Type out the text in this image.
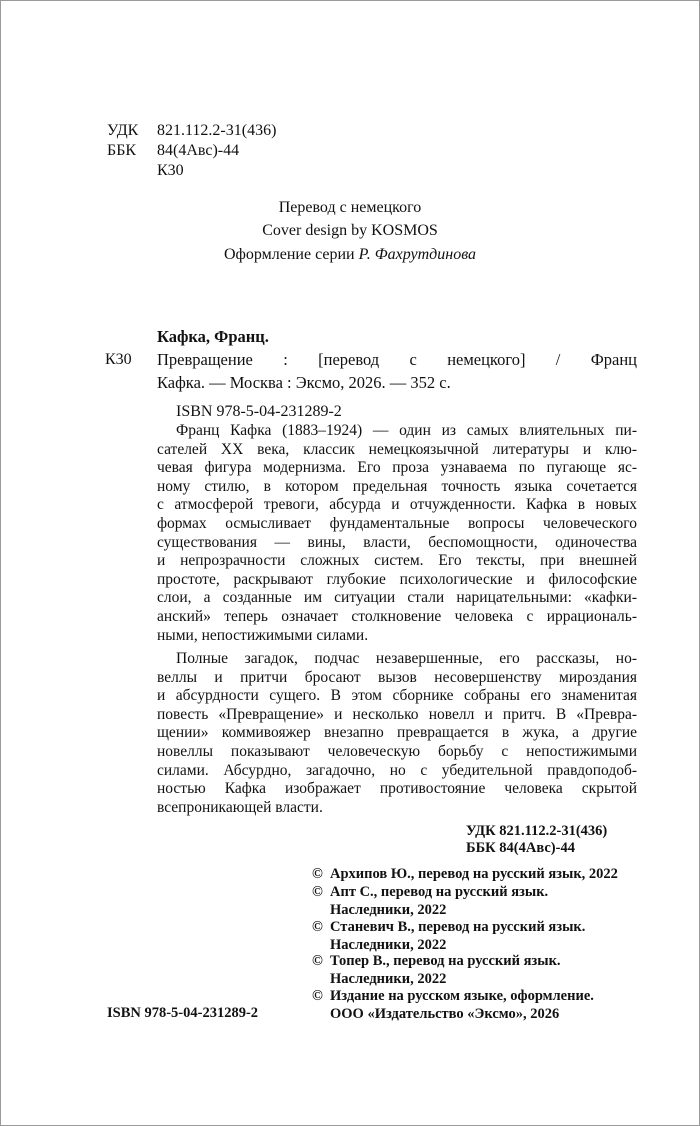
УДК 821.112.2-31(436)
ББК 84(4Авс)-44
К30
Перевод с немецкого
Cover design by KOSMOS
Оформление серии Р. Фахрутдинова
Кафка, Франц.
К30 Превращение : [перевод с немецкого] / Франц
Кафка. — Москва : Эксмо, 2026. — 352 с.
ISBN 978-5-04-231289-2
Франц Кафка (1883–1924) — один из самых влиятельных пи-
сателей XX века, классик немецкоязычной литературы и клю-
чевая фигура модернизма. Его проза узнаваема по пугающе яс-
ному стилю, в котором предельная точность языка сочетается
с атмосферой тревоги, абсурда и отчужденности. Кафка в новых
формах осмысливает фундаментальные вопросы человеческого
существования — вины, власти, беспомощности, одиночества
и непрозрачности сложных систем. Его тексты, при внешней
простоте, раскрывают глубокие психологические и философские
слои, а созданные им ситуации стали нарицательными: «кафки-
анский» теперь означает столкновение человека с иррациональ-
ными, непостижимыми силами.
Полные загадок, подчас незавершенные, его рассказы, но-
веллы и притчи бросают вызов несовершенству мироздания
и абсурдности сущего. В этом сборнике собраны его знаменитая
повесть «Превращение» и несколько новелл и притч. В «Превра-
щении» коммивояжер внезапно превращается в жука, а другие
новеллы показывают человеческую борьбу с непостижимыми
силами. Абсурдно, загадочно, но с убедительной правдоподоб-
ностью Кафка изображает противостояние человека скрытой
всепроникающей власти.
УДК 821.112.2-31(436)
ББК 84(4Авс)-44
© Архипов Ю., перевод на русский язык, 2022
© Апт С., перевод на русский язык.
Наследники, 2022
© Станевич В., перевод на русский язык.
Наследники, 2022
© Топер В., перевод на русский язык.
Наследники, 2022
© Издание на русском языке, оформление.
ООО «Издательство «Эксмо», 2026
ISBN 978-5-04-231289-2
